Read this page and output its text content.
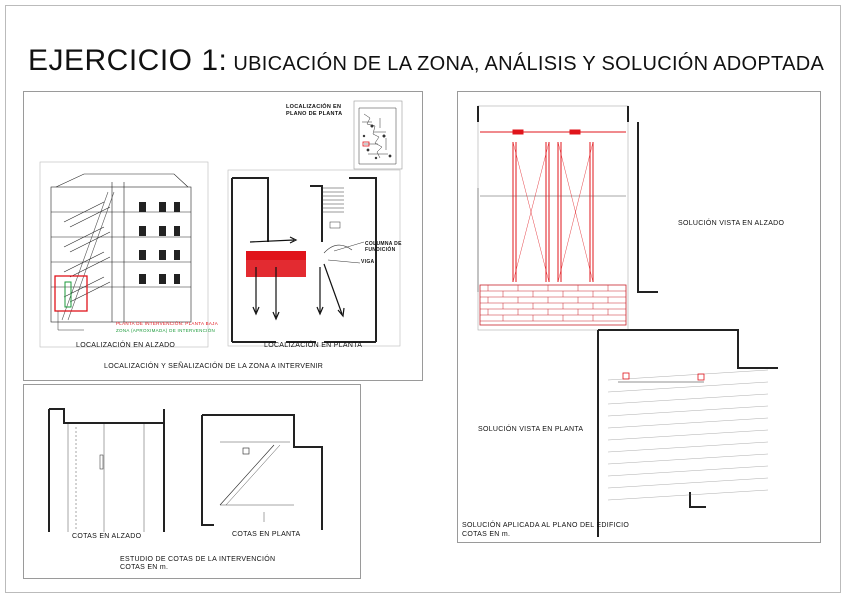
EJERCICIO 1: UBICACIÓN DE LA ZONA, ANÁLISIS Y SOLUCIÓN ADOPTADA
LOCALIZACIÓN EN PLANO DE PLANTA
COLUMNA DE FUNDICIÓN
VIGA
PLANTA DE INTERVENCIÓN: PLANTA BAJA
ZONA (APROXIMADA) DE INTERVENCIÓN
LOCALIZACIÓN EN ALZADO	LOCALIZACIÓN EN PLANTA
LOCALIZACIÓN Y SEÑALIZACIÓN DE LA ZONA A INTERVENIR
COTAS EN ALZADO	COTAS EN PLANTA
ESTUDIO DE COTAS DE LA INTERVENCIÓN
COTAS EN m.
SOLUCIÓN VISTA EN ALZADO
SOLUCIÓN VISTA EN PLANTA
SOLUCIÓN APLICADA AL PLANO DEL EDIFICIO
COTAS EN m.
